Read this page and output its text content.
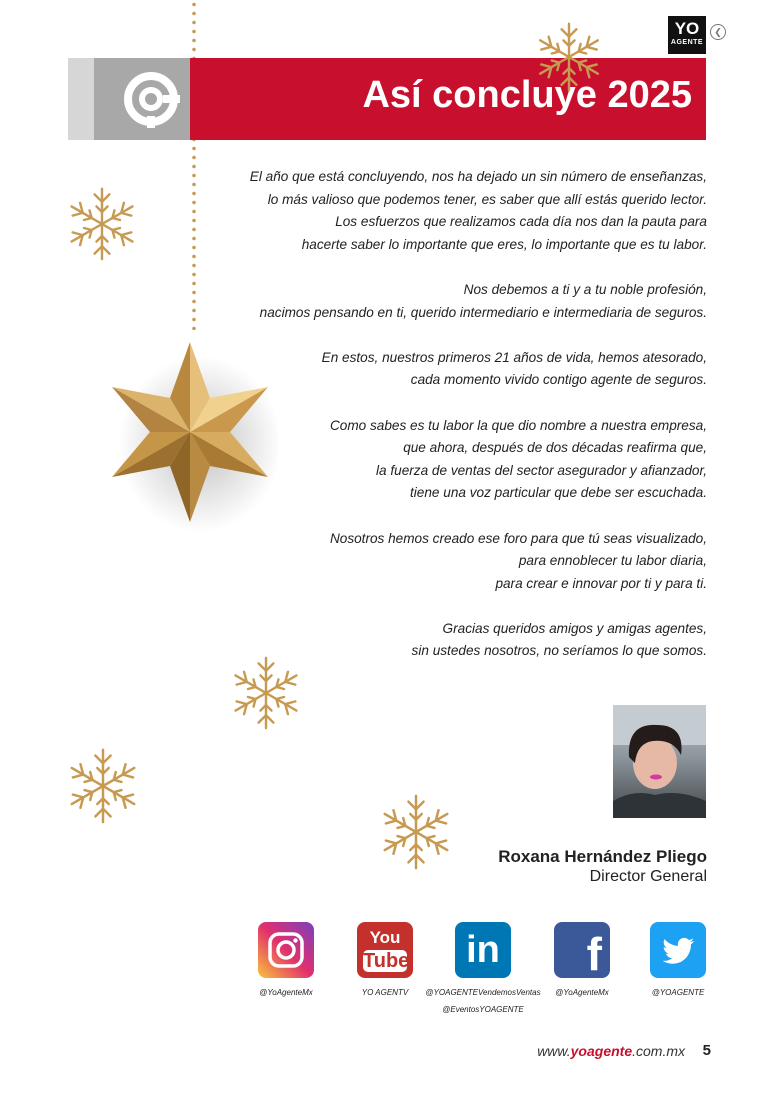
Así concluye 2025
YO
AGENTE
❮

El año que está concluyendo, nos ha dejado un sin número de enseñanzas,
lo más valioso que podemos tener, es saber que allí estás querido lector.
Los esfuerzos que realizamos cada día nos dan la pauta para
hacerte saber lo importante que eres, lo importante que es tu labor.

Nos debemos a ti y a tu noble profesión,
nacimos pensando en ti, querido intermediario e intermediaria de seguros.

En estos, nuestros primeros 21 años de vida, hemos atesorado,
cada momento vivido contigo agente de seguros.

Como sabes es tu labor la que dio nombre a nuestra empresa,
que ahora, después de dos décadas reafirma que,
la fuerza de ventas del sector asegurador y afianzador,
tiene una voz particular que debe ser escuchada.

Nosotros hemos creado ese foro para que tú seas visualizado,
para ennoblecer tu labor diaria,
para crear e innovar por ti y para ti.

Gracias queridos amigos y amigas agentes,
sin ustedes nosotros, no seríamos lo que somos.

Roxana Hernández Pliego
Director General
@YoAgenteMx
You
Tube
YO AGENTV
in
@YOAGENTEVendemosVentas
@EventosYOAGENTE
f
@YoAgenteMx	@YOAGENTE
www.yoagente.com.mx 5
